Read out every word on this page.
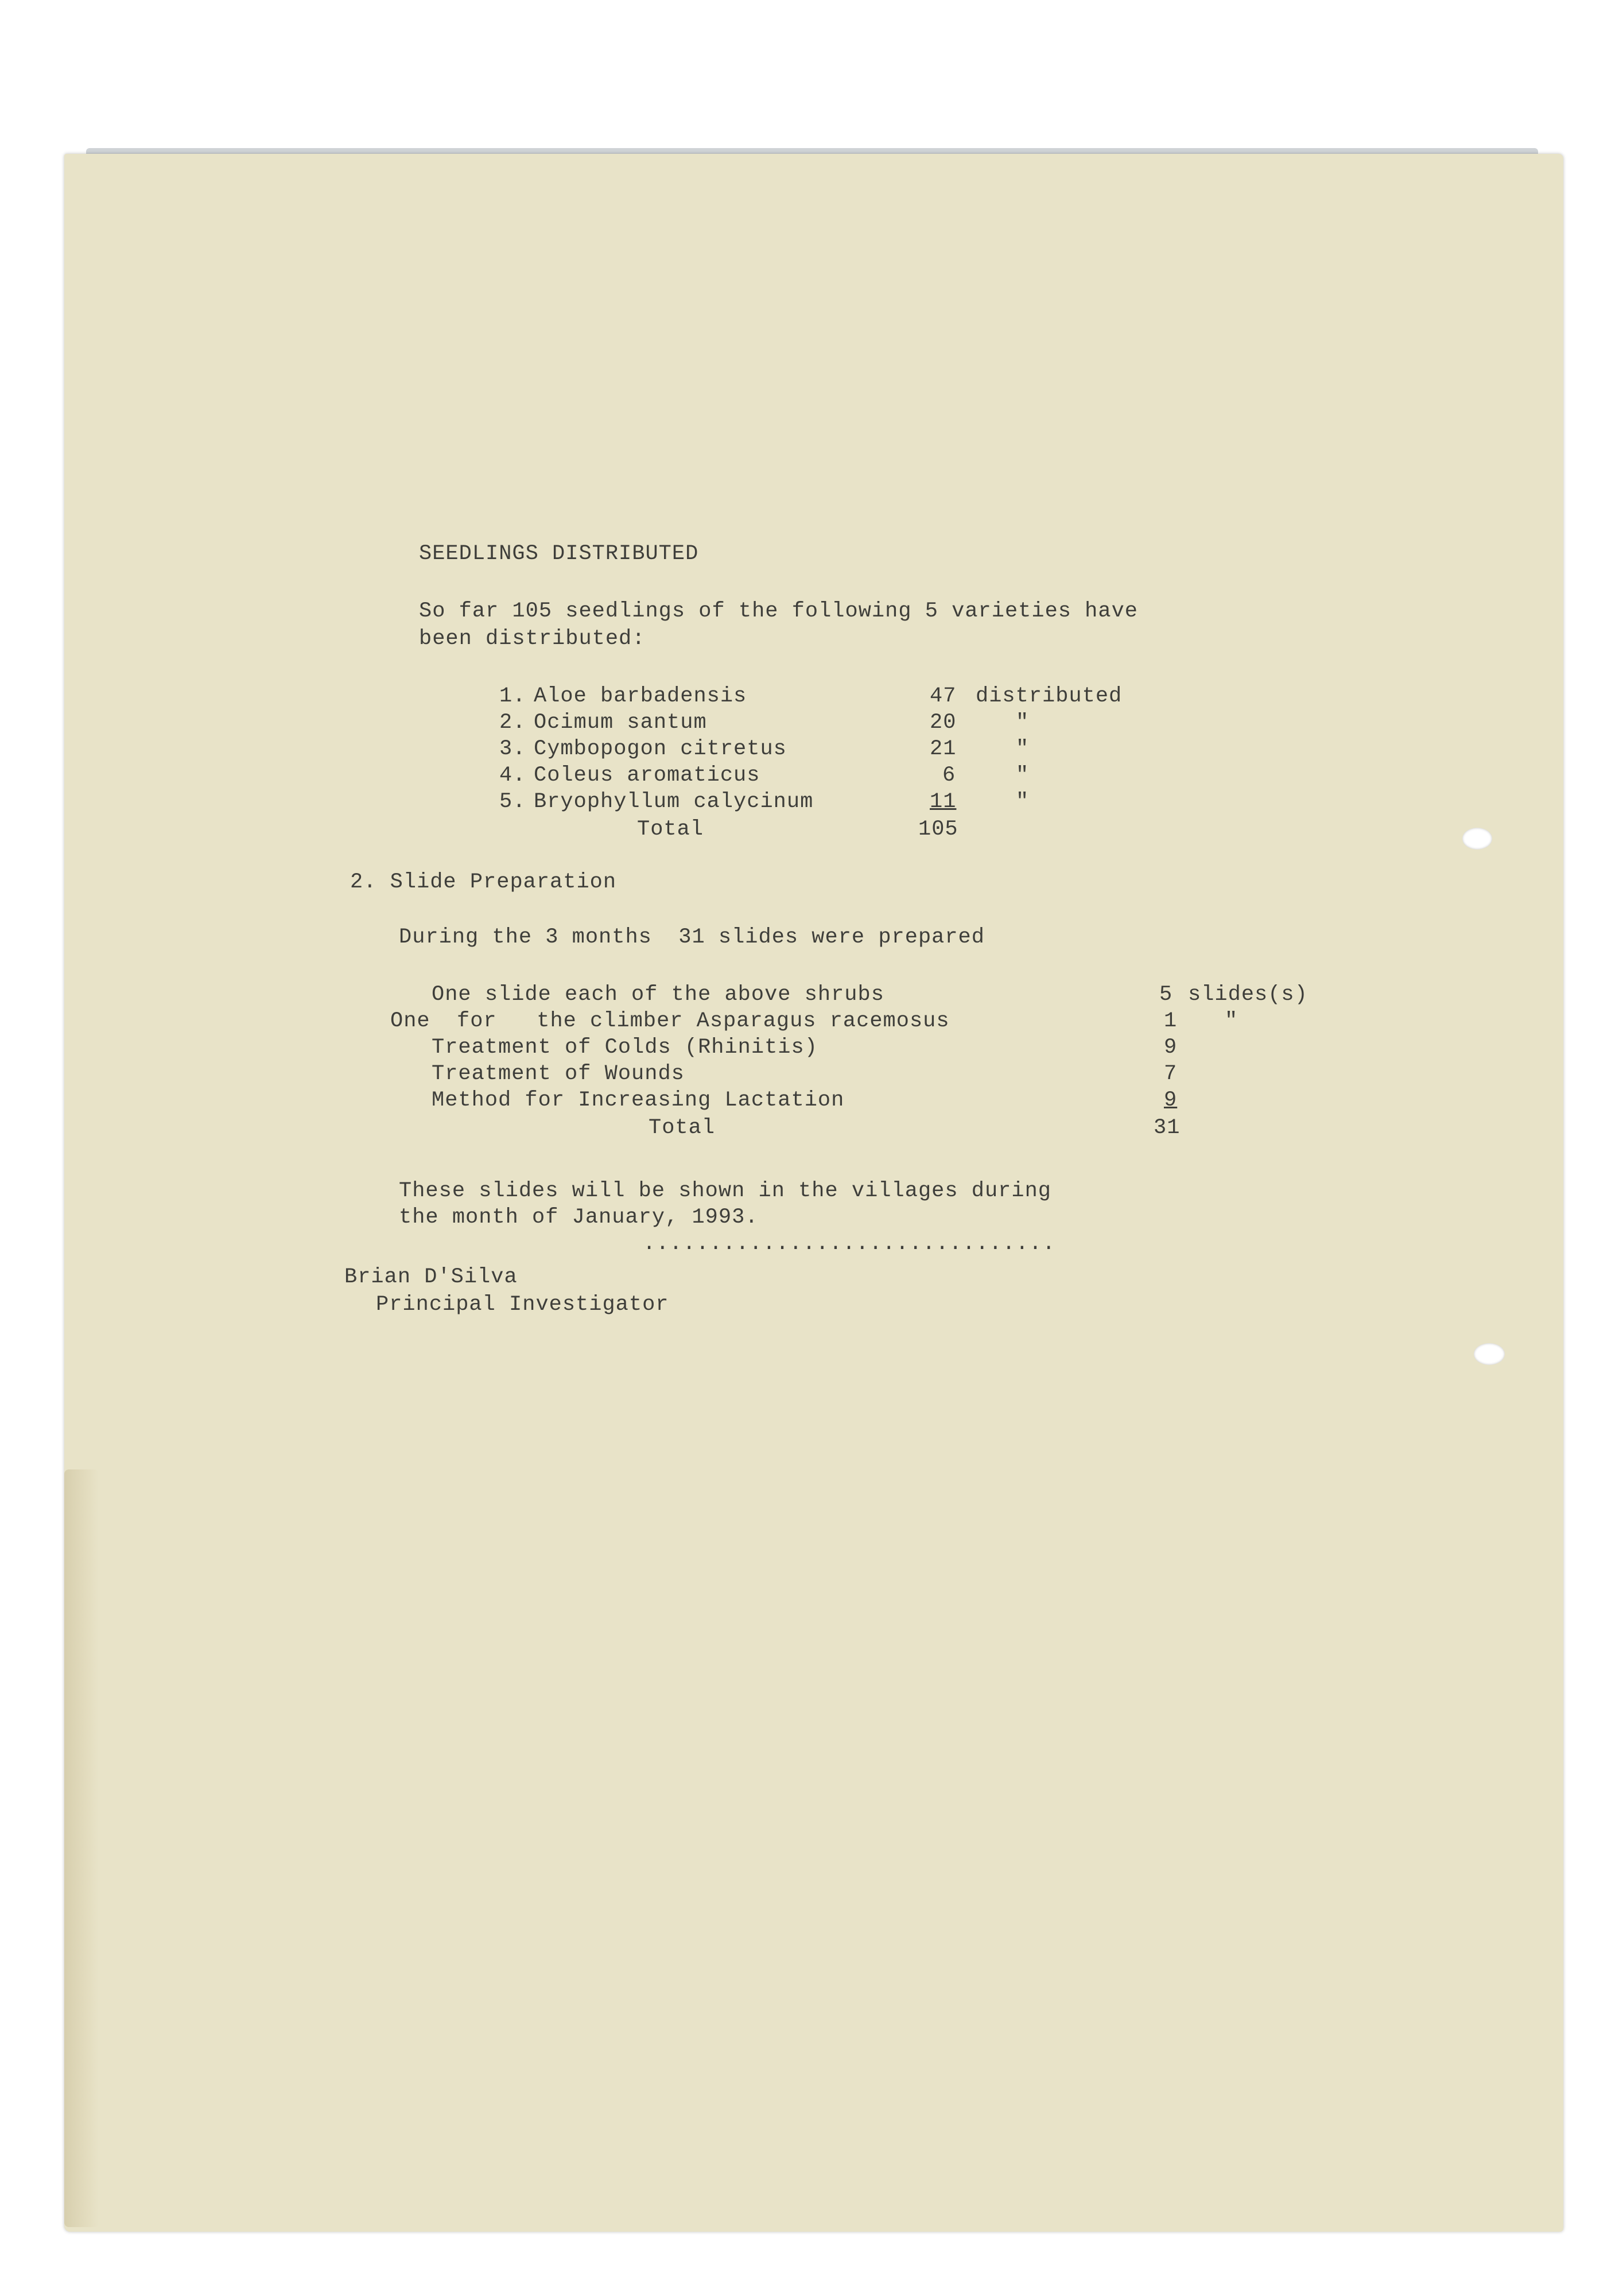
SEEDLINGS DISTRIBUTED
So far 105 seedlings of the following 5 varieties have
been distributed:
1. Aloe barbadensis	47 distributed
2. Ocimum santum	20	"
3. Cymbopogon citretus	21	"
4. Coleus aromaticus	6	"
5. Bryophyllum calycinum	11	"
Total	105
2. Slide Preparation
During the 3 months  31 slides were prepared
One slide each of the above shrubs	5 slides(s)
One  for   the climber Asparagus racemosus	1 "
Treatment of Colds (Rhinitis)	9
Treatment of Wounds	7
Method for Increasing Lactation	9
Total	31
These slides will be shown in the villages during
the month of January, 1993.
...............................
Brian D'Silva
Principal Investigator
